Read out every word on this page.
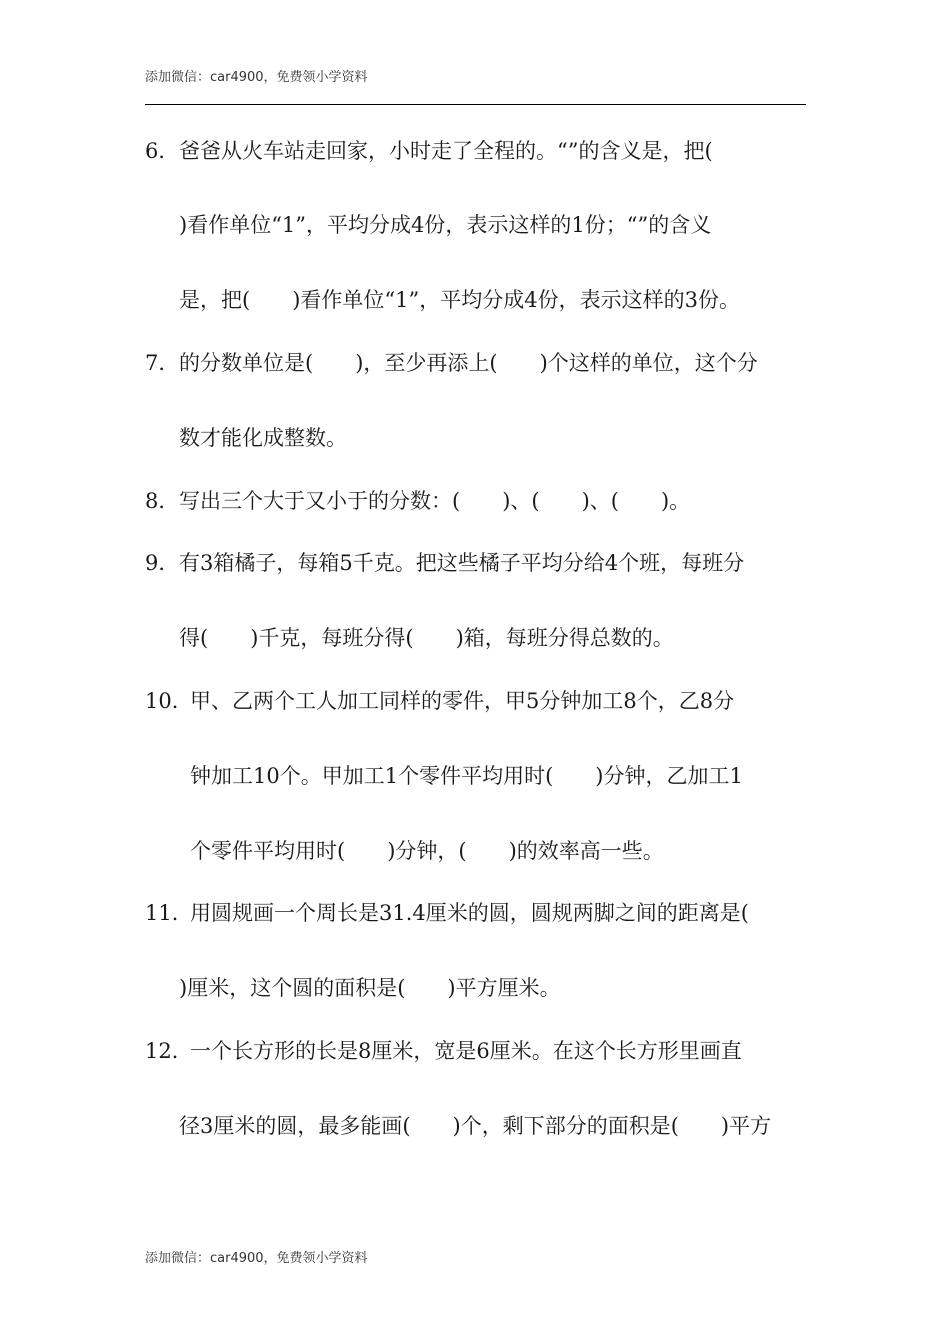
添加微信：car4900，免费领小学资料
6． 爸爸从火车站走回家，小时走了全程的。“”的含义是，把(
)看作单位“1”，平均分成4份，表示这样的1份；“”的含义
是，把(　　)看作单位“1”，平均分成4份，表示这样的3份。
7． 的分数单位是(　　)，至少再添上(　　)个这样的单位，这个分
数才能化成整数。
8． 写出三个大于又小于的分数：(　　)、(　　)、(　　)。
9． 有3箱橘子，每箱5千克。把这些橘子平均分给4个班，每班分
得(　　)千克，每班分得(　　)箱，每班分得总数的。
10．
甲、乙两个工人加工同样的零件，甲5分钟加工8个，乙8分
钟加工10个。甲加工1个零件平均用时(　　)分钟，乙加工1
个零件平均用时(　　)分钟，(　　)的效率高一些。
11．
用圆规画一个周长是31.4厘米的圆，圆规两脚之间的距离是(
)厘米，这个圆的面积是(　　)平方厘米。
12．
一个长方形的长是8厘米，宽是6厘米。在这个长方形里画直
径3厘米的圆，最多能画(　　)个，剩下部分的面积是(　　)平方
添加微信：car4900，免费领小学资料
